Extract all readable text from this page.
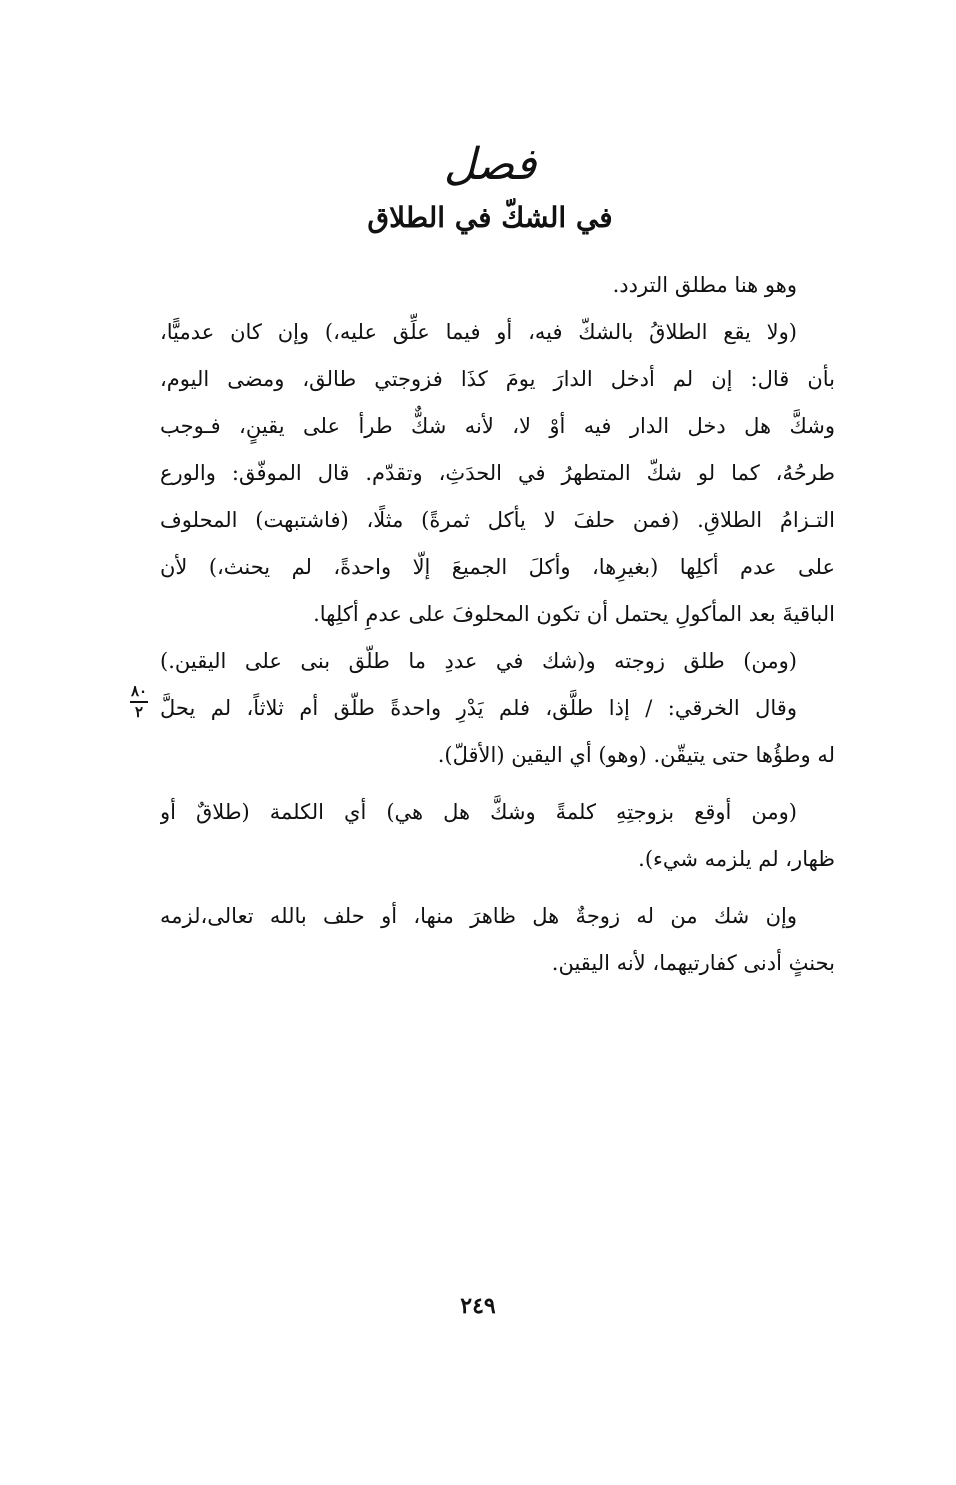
فصل
في الشكّ في الطلاق
وهو هنا مطلق التردد.
(ولا يقع الطلاقُ بالشكّ فيه، أو فيما علِّق عليه،) وإن كان عدميًّا،
بأن قال: إن لم أدخل الدارَ يومَ كذَا فزوجتي طالق، ومضى اليوم،
وشكَّ هل دخل الدار فيه أوْ لا، لأنه شكٌّ طرأ على يقينٍ، فـوجب
طرحُهُ، كما لو شكّ المتطهرُ في الحدَثِ، وتقدّم. قال الموفّق: والورع
التـزامُ الطلاقِ. (فمن حلفَ لا يأكل ثمرةً) مثلًا، (فاشتبهت) المحلوف
على عدم أكلِها (بغيرِها، وأكلَ الجميعَ إلّا واحدةً، لم يحنث،) لأن
الباقيةَ بعد المأكولِ يحتمل أن تكون المحلوفَ على عدمِ أكلِها.
(ومن) طلق زوجته و(شك في عددِ ما طلّق بنى على اليقين.)
وقال الخرقي: / إذا طلَّق، فلم يَدْرِ واحدةً طلّق أم ثلاثاً، لم يحلَّ
له وطؤُها حتى يتيقّن. (وهو) أي اليقين (الأقلّ).
(ومن أوقع بزوجتِهِ كلمةً وشكَّ هل هي) أي الكلمة (طلاقٌ أو
ظهار، لم يلزمه شيء).
وإن شك من له زوجةٌ هل ظاهرَ منها، أو حلف بالله تعالى،لزمه
بحنثٍ أدنى كفارتيهما، لأنه اليقين.
٨٠
٢
٢٤٩
